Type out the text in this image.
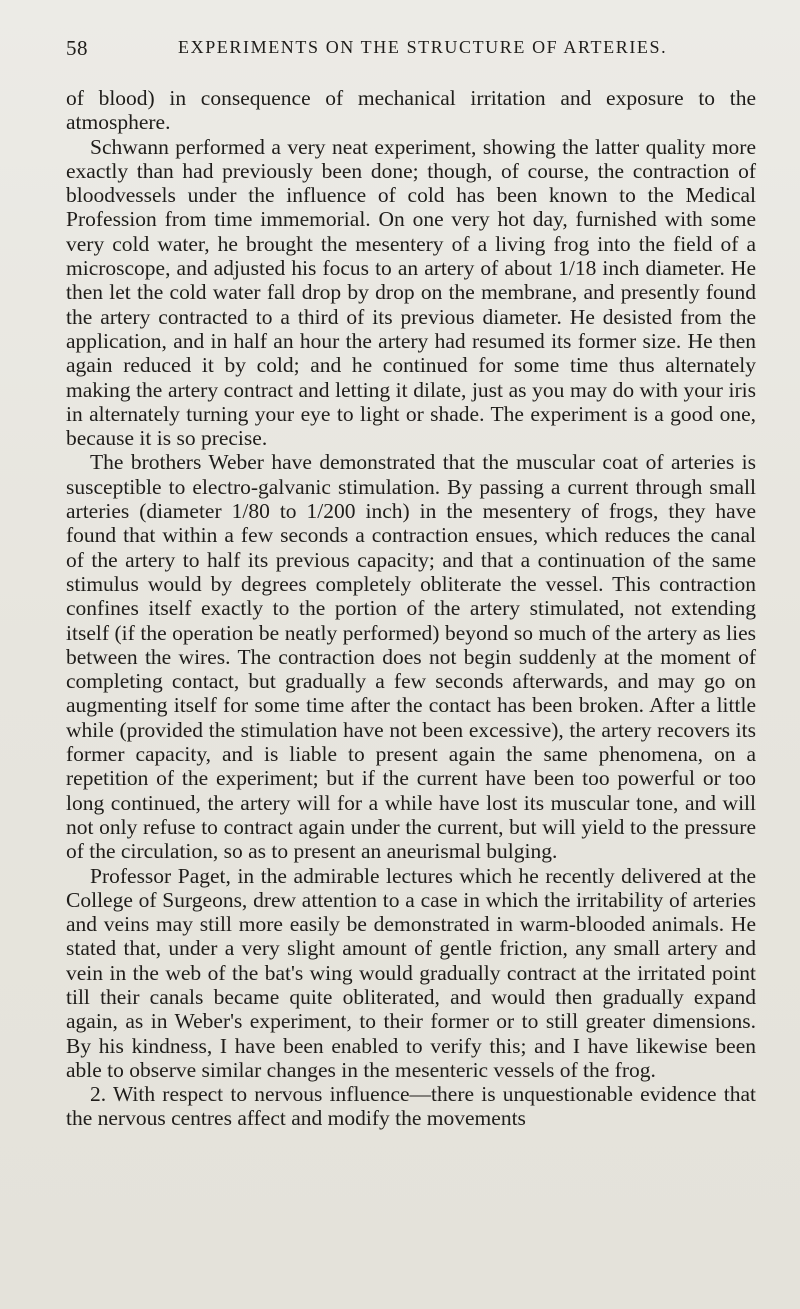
58	EXPERIMENTS ON THE STRUCTURE OF ARTERIES.

of blood) in consequence of mechanical irritation and exposure to the atmosphere.

Schwann performed a very neat experiment, showing the latter quality more exactly than had previously been done; though, of course, the contraction of bloodvessels under the influence of cold has been known to the Medical Profession from time immemorial. On one very hot day, furnished with some very cold water, he brought the mesentery of a living frog into the field of a microscope, and adjusted his focus to an artery of about 1/18 inch diameter. He then let the cold water fall drop by drop on the membrane, and presently found the artery contracted to a third of its previous diameter. He desisted from the application, and in half an hour the artery had resumed its former size. He then again reduced it by cold; and he continued for some time thus alternately making the artery contract and letting it dilate, just as you may do with your iris in alternately turning your eye to light or shade. The experiment is a good one, because it is so precise.

The brothers Weber have demonstrated that the muscular coat of arteries is susceptible to electro-galvanic stimulation. By passing a current through small arteries (diameter 1/80 to 1/200 inch) in the mesentery of frogs, they have found that within a few seconds a contraction ensues, which reduces the canal of the artery to half its previous capacity; and that a continuation of the same stimulus would by degrees completely obliterate the vessel. This contraction confines itself exactly to the portion of the artery stimulated, not extending itself (if the operation be neatly performed) beyond so much of the artery as lies between the wires. The contraction does not begin suddenly at the moment of completing contact, but gradually a few seconds afterwards, and may go on augmenting itself for some time after the contact has been broken. After a little while (provided the stimulation have not been excessive), the artery recovers its former capacity, and is liable to present again the same phenomena, on a repetition of the experiment; but if the current have been too powerful or too long continued, the artery will for a while have lost its muscular tone, and will not only refuse to contract again under the current, but will yield to the pressure of the circulation, so as to present an aneurismal bulging.

Professor Paget, in the admirable lectures which he recently delivered at the College of Surgeons, drew attention to a case in which the irritability of arteries and veins may still more easily be demonstrated in warm-blooded animals. He stated that, under a very slight amount of gentle friction, any small artery and vein in the web of the bat's wing would gradually contract at the irritated point till their canals became quite obliterated, and would then gradually expand again, as in Weber's experiment, to their former or to still greater dimensions. By his kindness, I have been enabled to verify this; and I have likewise been able to observe similar changes in the mesenteric vessels of the frog.

2. With respect to nervous influence—there is unquestionable evidence that the nervous centres affect and modify the movements
